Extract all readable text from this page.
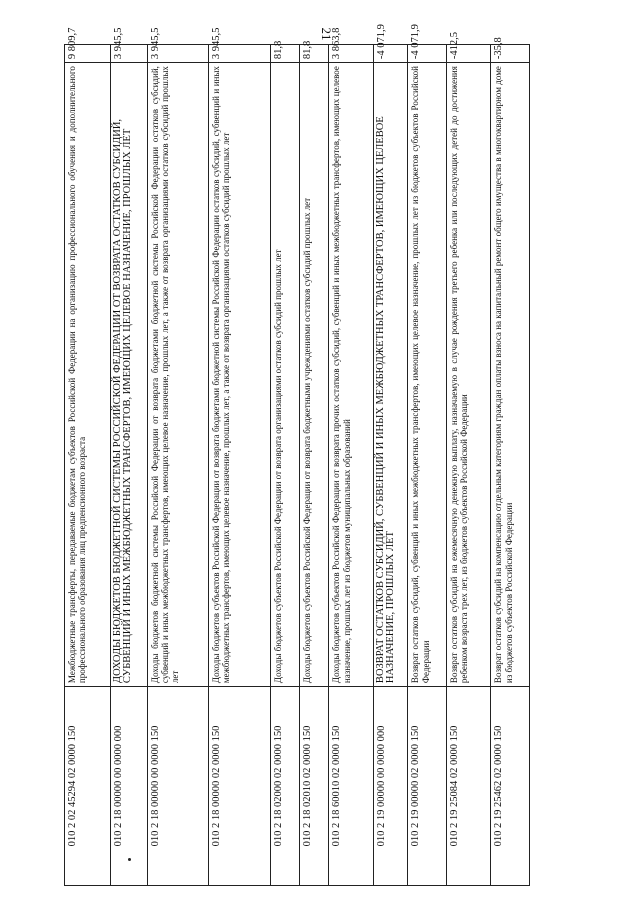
21
010 2 02 45294 02 0000 150	Межбюджетные трансферты, передаваемые бюджетам субъектов Российской Федерации на организацию профессионального обучения и дополнительного профессионального образования лиц предпенсионного возраста	9 809,7
010 2 18 00000 00 0000 000	ДОХОДЫ БЮДЖЕТОВ БЮДЖЕТНОЙ СИСТЕМЫ РОССИЙСКОЙ ФЕДЕРАЦИИ ОТ ВОЗВРАТА ОСТАТКОВ СУБСИДИЙ, СУБВЕНЦИЙ И ИНЫХ МЕЖБЮДЖЕТНЫХ ТРАНСФЕРТОВ, ИМЕЮЩИХ ЦЕЛЕВОЕ НАЗНАЧЕНИЕ, ПРОШЛЫХ ЛЕТ	3 945,5
010 2 18 00000 00 0000 150	Доходы бюджетов бюджетной системы Российской Федерации от возврата бюджетами бюджетной системы Российской Федерации остатков субсидий, субвенций и иных межбюджетных трансфертов, имеющих целевое назначение, прошлых лет, а также от возврата организациями остатков субсидий прошлых лет	3 945,5
010 2 18 00000 02 0000 150	Доходы бюджетов субъектов Российской Федерации от возврата бюджетами бюджетной системы Российской Федерации остатков субсидий, субвенций и иных межбюджетных трансфертов, имеющих целевое назначение, прошлых лет, а также от возврата организациями остатков субсидий прошлых лет	3 945,5
010 2 18 02000 02 0000 150	Доходы бюджетов субъектов Российской Федерации от возврата организациями остатков субсидий прошлых лет	81,8
010 2 18 02010 02 0000 150	Доходы бюджетов субъектов Российской Федерации от возврата бюджетными учреждениями остатков субсидий прошлых лет	81,8
010 2 18 60010 02 0000 150	Доходы бюджетов субъектов Российской Федерации от возврата прочих остатков субсидий, субвенций и иных межбюджетных трансфертов, имеющих целевое назначение, прошлых лет из бюджетов муниципальных образований	3 863,8
010 2 19 00000 00 0000 000	ВОЗВРАТ ОСТАТКОВ СУБСИДИЙ, СУБВЕНЦИЙ И ИНЫХ МЕЖБЮДЖЕТНЫХ ТРАНСФЕРТОВ, ИМЕЮЩИХ ЦЕЛЕВОЕ НАЗНАЧЕНИЕ, ПРОШЛЫХ ЛЕТ	-4 071,9
010 2 19 00000 02 0000 150	Возврат остатков субсидий, субвенций и иных межбюджетных трансфертов, имеющих целевое назначение, прошлых лет из бюджетов субъектов Российской Федерации	-4 071,9
010 2 19 25084 02 0000 150	Возврат остатков субсидий на ежемесячную денежную выплату, назначаемую в случае рождения третьего ребенка или последующих детей до достижения ребенком возраста трех лет, из бюджетов субъектов Российской Федерации	-412,5
010 2 19 25462 02 0000 150	Возврат остатков субсидий на компенсацию отдельным категориям граждан оплаты взноса на капитальный ремонт общего имущества в многоквартирном доме из бюджетов субъектов Российской Федерации	-35,8
